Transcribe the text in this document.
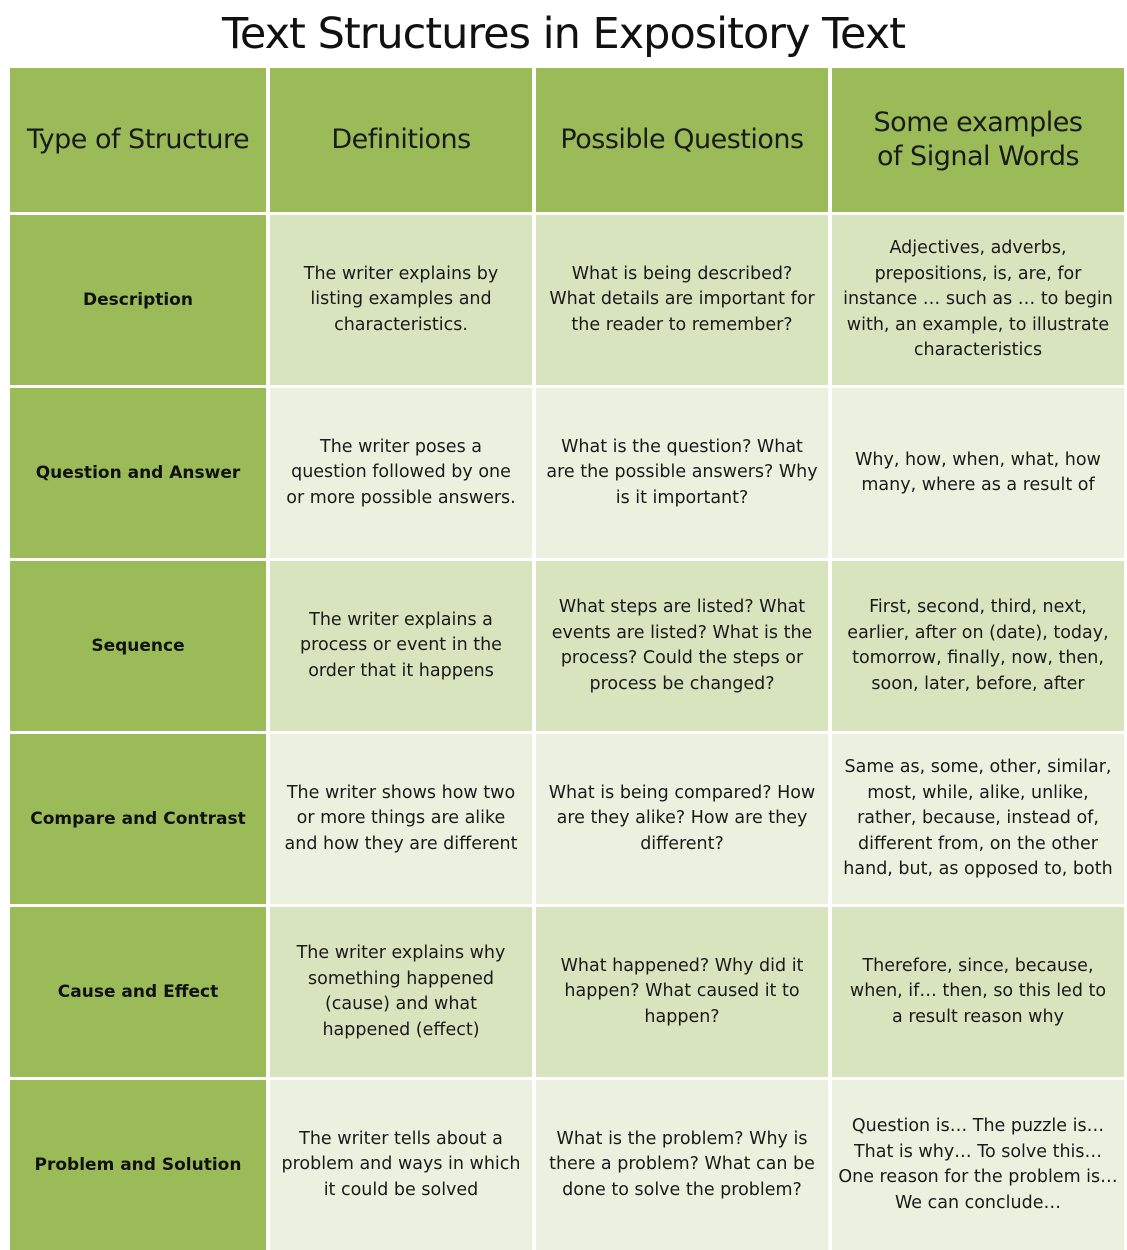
Text Structures in Expository Text
Type of Structure	Definitions	Possible Questions
Some examples of Signal Words
Description
The writer explains by listing examples and characteristics.
What is being described? What details are important for the reader to remember?
Adjectives, adverbs, prepositions, is, are, for instance … such as … to begin with, an example, to illustrate characteristics
Question and Answer
The writer poses a question followed by one or more possible answers.
What is the question? What are the possible answers? Why is it important?
Why, how, when, what, how many, where as a result of
Sequence
The writer explains a process or event in the order that it happens
What steps are listed? What events are listed? What is the process? Could the steps or process be changed?
First, second, third, next, earlier, after on (date), today, tomorrow, finally, now, then, soon, later, before, after
Compare and Contrast
The writer shows how two or more things are alike and how they are different
What is being compared? How are they alike? How are they different?
Same as, some, other, similar, most, while, alike, unlike, rather, because, instead of, different from, on the other hand, but, as opposed to, both
Cause and Effect
The writer explains why something happened (cause) and what happened (effect)
What happened? Why did it happen? What caused it to happen?
Therefore, since, because, when, if… then, so this led to a result reason why
Problem and Solution
The writer tells about a problem and ways in which it could be solved
What is the problem? Why is there a problem? What can be done to solve the problem?
Question is… The puzzle is… That is why… To solve this… One reason for the problem is… We can conclude…
